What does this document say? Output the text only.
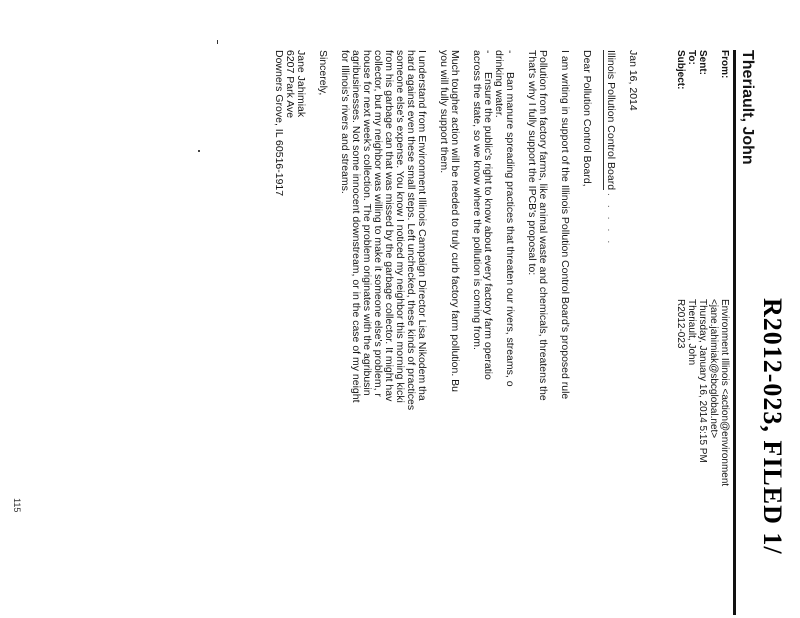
R2012-023, FILED 1/
Theriault, John
From:
Environment Illinois <action@environment
<jane.jahimiak@sbcglobal.net>
Sent:
Thursday, January 16, 2014 5:15 PM
To:
Theriault, John
Subject:
R2012-023
Jan 16, 2014
Illinois Pollution Control Board . . . . .
Dear Pollution Control Board,
I am writing in support of the Illinois Pollution Control Board's proposed rule
Pollution from factory farms, like animal waste and chemicals, threatens the
That's why I fully support the IPCB's proposal to:
-
Ban manure spreading practices that threaten our rivers, streams, o
drinking water.
-
Ensure the public's right to know about every factory farm operatio
across the state, so we know where the pollution is coming from.
Much tougher action will be needed to truly curb factory farm pollution. Bu
you will fully support them.
I understand from Environment Illinois Campaign Director Lisa Nikodem tha
hard against even these small steps. Left unchecked, these kinds of practices
someone else's expense. You know I noticed my neighbor this morning kicki
from his garbage can that was missed by the garbage collector. It might hav
collector, but my neighbor was willing to make it someone else's problem, r
house for next week's collection. The problem originates with the agribusin
agribusinesses. Not some innocent downstream, or in the case of my neight
for Illinois's rivers and streams.
Sincerely,
Jane Jahimiak
6207 Park Ave
Downers Grove, IL 60516-1917
115
